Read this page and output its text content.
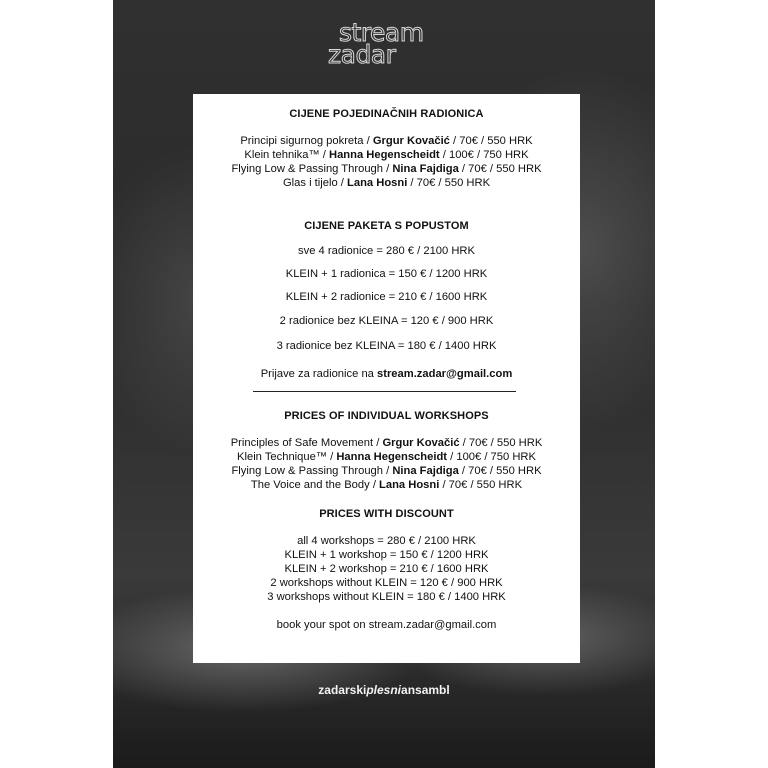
stream
zadar
CIJENE POJEDINAČNIH RADIONICA
Principi sigurnog pokreta / Grgur Kovačić / 70€ / 550 HRK
Klein tehnika™ / Hanna Hegenscheidt / 100€ / 750 HRK
Flying Low & Passing Through / Nina Fajdiga / 70€ / 550 HRK
Glas i tijelo / Lana Hosni / 70€ / 550 HRK
CIJENE PAKETA S POPUSTOM
sve 4 radionice = 280 € / 2100 HRK
KLEIN + 1 radionica = 150 € / 1200 HRK
KLEIN + 2 radionice = 210 € / 1600 HRK
2 radionice bez KLEINA = 120 € / 900 HRK
3 radionice bez KLEINA = 180 € / 1400 HRK
Prijave za radionice na stream.zadar@gmail.com
PRICES OF INDIVIDUAL WORKSHOPS
Principles of Safe Movement / Grgur Kovačić / 70€ / 550 HRK
Klein Technique™ / Hanna Hegenscheidt / 100€ / 750 HRK
Flying Low & Passing Through / Nina Fajdiga / 70€ / 550 HRK
The Voice and the Body / Lana Hosni / 70€ / 550 HRK
PRICES WITH DISCOUNT
all 4 workshops = 280 € / 2100 HRK
KLEIN + 1 workshop = 150 € / 1200 HRK
KLEIN + 2 workshop = 210 € / 1600 HRK
2 workshops without KLEIN = 120 € / 900 HRK
3 workshops without KLEIN = 180 € / 1400 HRK
book your spot on stream.zadar@gmail.com
zadarskiplesniansambl
